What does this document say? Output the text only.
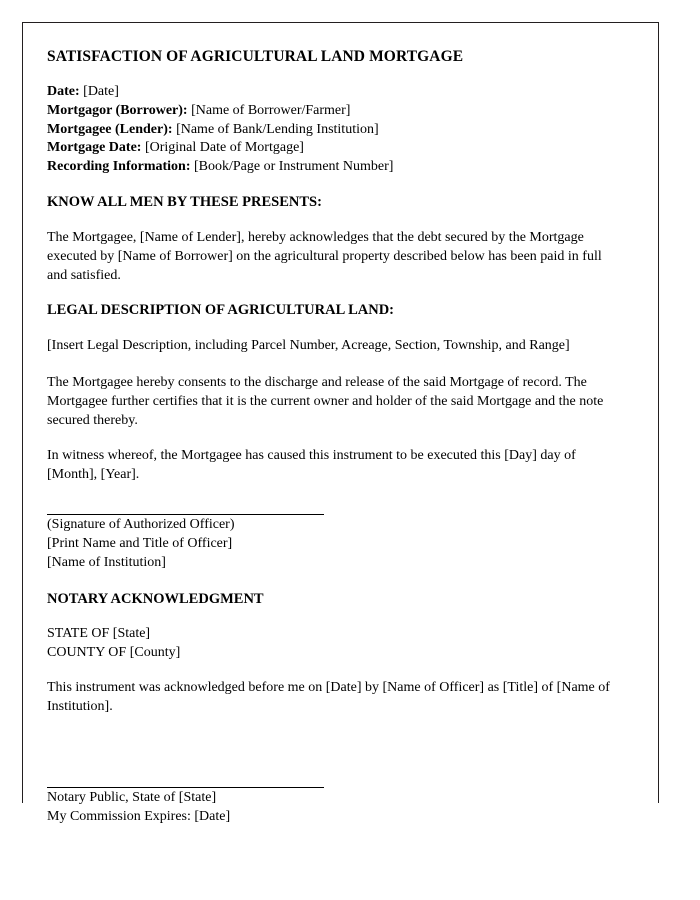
SATISFACTION OF AGRICULTURAL LAND MORTGAGE
Date: [Date]
Mortgagor (Borrower): [Name of Borrower/Farmer]
Mortgagee (Lender): [Name of Bank/Lending Institution]
Mortgage Date: [Original Date of Mortgage]
Recording Information: [Book/Page or Instrument Number]
KNOW ALL MEN BY THESE PRESENTS:

The Mortgagee, [Name of Lender], hereby acknowledges that the debt secured by the Mortgage executed by [Name of Borrower] on the agricultural property described below has been paid in full and satisfied.

LEGAL DESCRIPTION OF AGRICULTURAL LAND:

[Insert Legal Description, including Parcel Number, Acreage, Section, Township, and Range]

The Mortgagee hereby consents to the discharge and release of the said Mortgage of record. The Mortgagee further certifies that it is the current owner and holder of the said Mortgage and the note secured thereby.

In witness whereof, the Mortgagee has caused this instrument to be executed this [Day] day of [Month], [Year].

(Signature of Authorized Officer)
[Print Name and Title of Officer]
[Name of Institution]
NOTARY ACKNOWLEDGMENT
STATE OF [State]
COUNTY OF [County]

This instrument was acknowledged before me on [Date] by [Name of Officer] as [Title] of [Name of Institution].

Notary Public, State of [State]
My Commission Expires: [Date]
